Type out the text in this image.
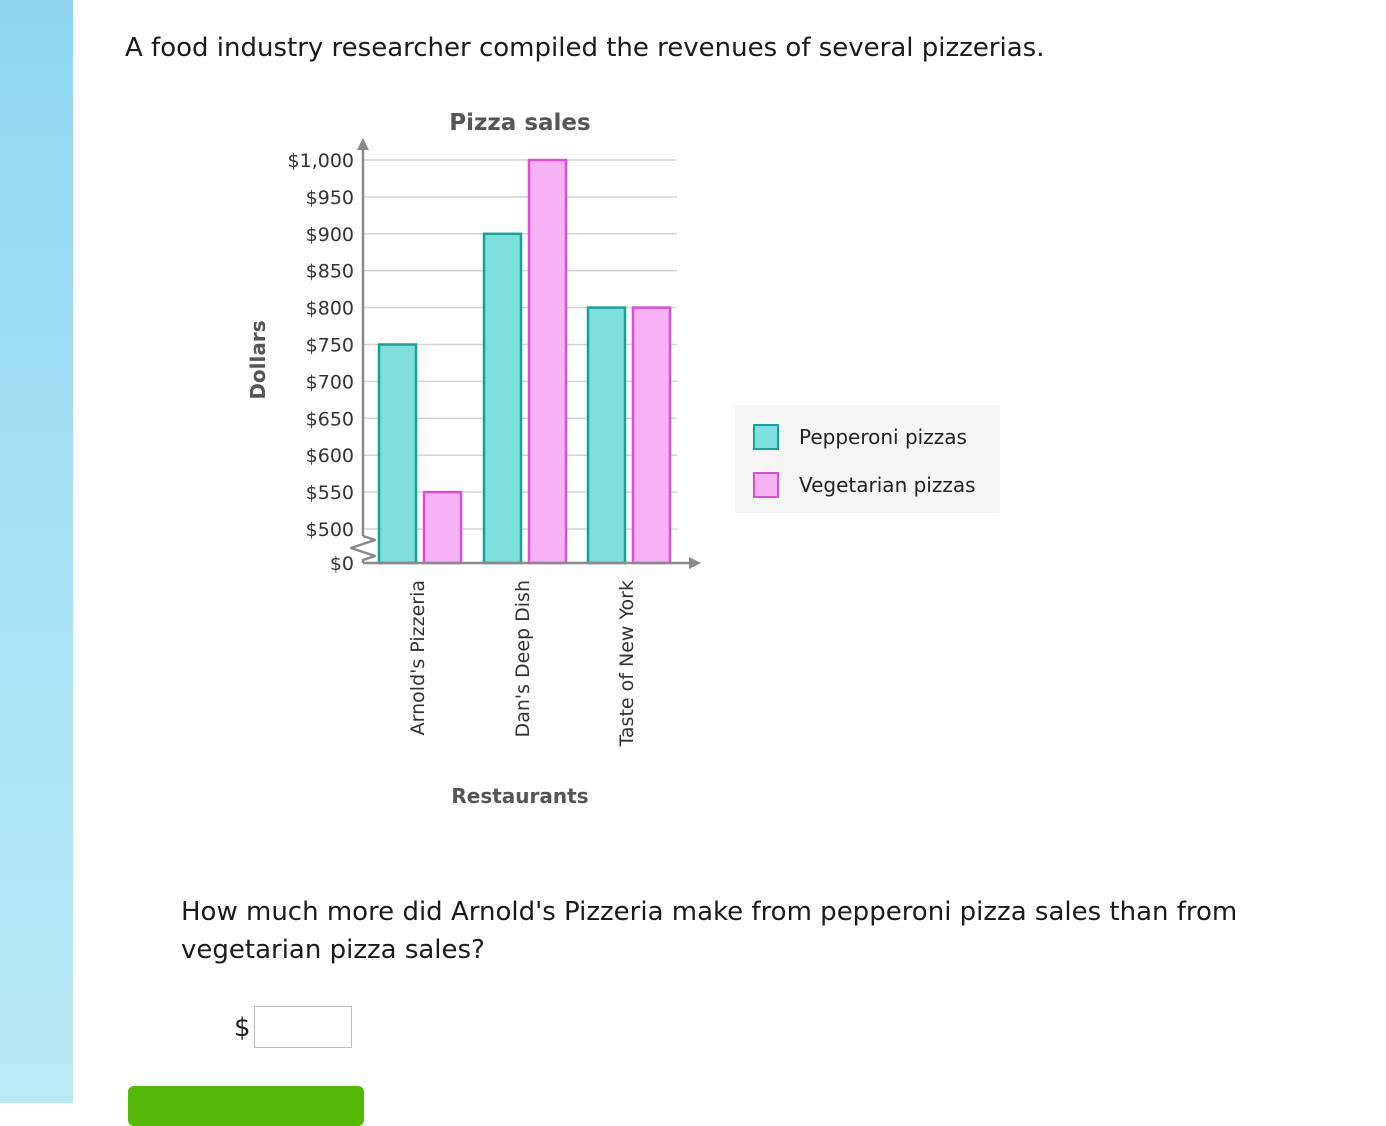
A food industry researcher compiled the revenues of several pizzerias.

$0
$500
$550
$600
$650
$700
$750
$800
$850
$900
$950
$1,000
Arnold's Pizzeria	Dan's Deep Dish	Taste of New York
Pizza sales
Restaurants
Dollars
Pepperoni pizzas
Vegetarian pizzas

How much more did Arnold's Pizzeria make from pepperoni pizza sales than from vegetarian pizza sales?

$
